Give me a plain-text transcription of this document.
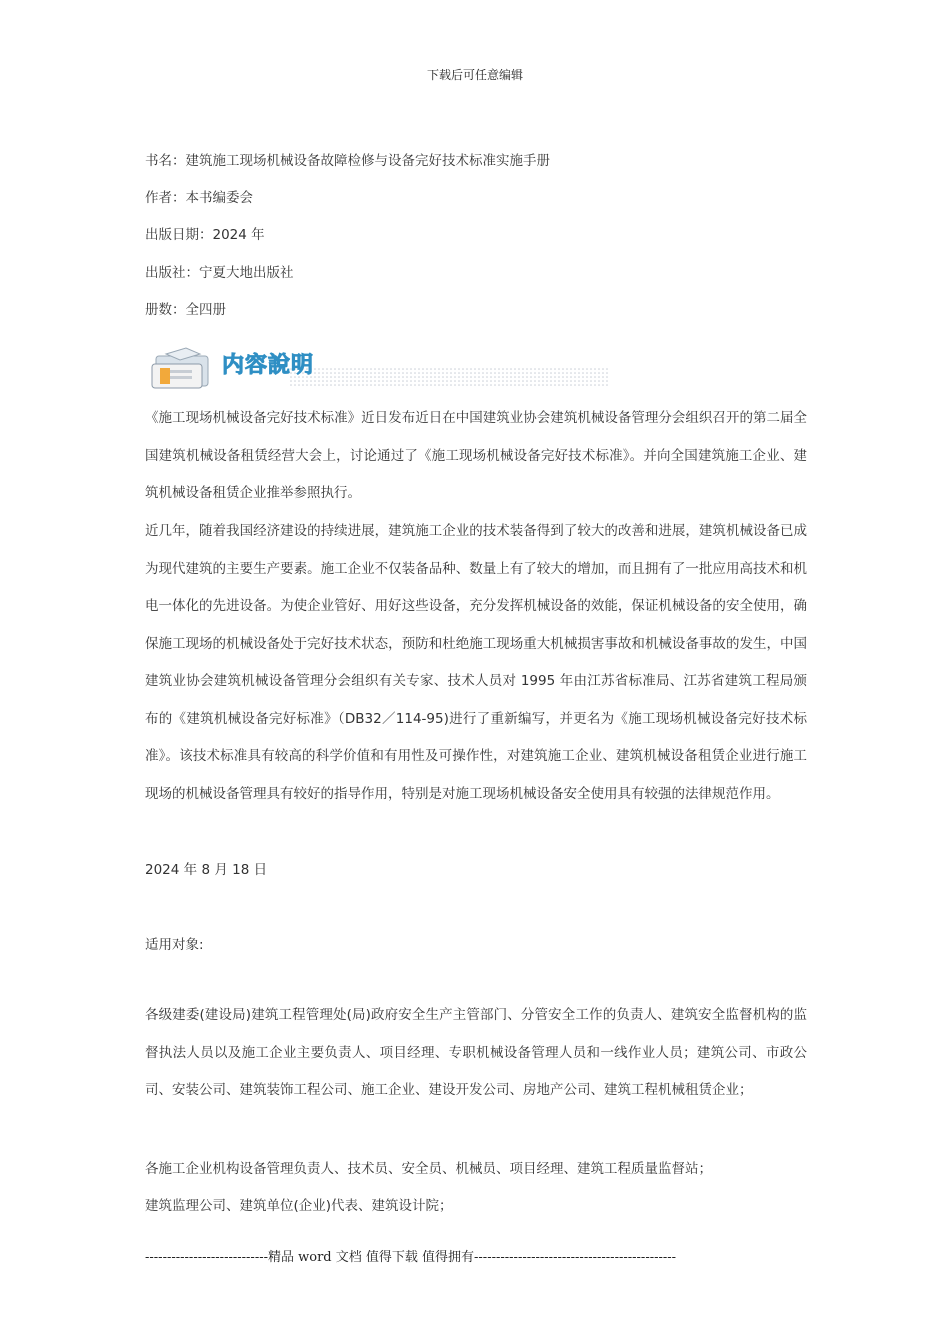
下载后可任意编辑
书名：建筑施工现场机械设备故障检修与设备完好技术标准实施手册
作者：本书编委会
出版日期：2024 年
出版社：宁夏大地出版社
册数：全四册
内容說明
《施工现场机械设备完好技术标准》近日发布近日在中国建筑业协会建筑机械设备管理分会组织召开的第二届全国建筑机械设备租赁经营大会上，讨论通过了《施工现场机械设备完好技术标准》。并向全国建筑施工企业、建筑机械设备租赁企业推举参照执行。
近几年，随着我国经济建设的持续进展，建筑施工企业的技术装备得到了较大的改善和进展，建筑机械设备已成为现代建筑的主要生产要素。施工企业不仅装备品种、数量上有了较大的增加，而且拥有了一批应用高技术和机电一体化的先进设备。为使企业管好、用好这些设备，充分发挥机械设备的效能，保证机械设备的安全使用，确保施工现场的机械设备处于完好技术状态，预防和杜绝施工现场重大机械损害事故和机械设备事故的发生，中国建筑业协会建筑机械设备管理分会组织有关专家、技术人员对 1995 年由江苏省标准局、江苏省建筑工程局颁布的《建筑机械设备完好标准》（DB32／114-95)进行了重新编写，并更名为《施工现场机械设备完好技术标准》。该技术标准具有较高的科学价值和有用性及可操作性，对建筑施工企业、建筑机械设备租赁企业进行施工现场的机械设备管理具有较好的指导作用，特别是对施工现场机械设备安全使用具有较强的法律规范作用。
2024 年 8 月 18 日
适用对象:
各级建委(建设局)建筑工程管理处(局)政府安全生产主管部门、分管安全工作的负责人、建筑安全监督机构的监督执法人员以及施工企业主要负责人、项目经理、专职机械设备管理人员和一线作业人员；建筑公司、市政公司、安装公司、建筑装饰工程公司、施工企业、建设开发公司、房地产公司、建筑工程机械租赁企业；
各施工企业机构设备管理负责人、技术员、安全员、机械员、项目经理、建筑工程质量监督站；
建筑监理公司、建筑单位(企业)代表、建筑设计院；
----------------------------精品 word 文档 值得下载 值得拥有----------------------------------------------
